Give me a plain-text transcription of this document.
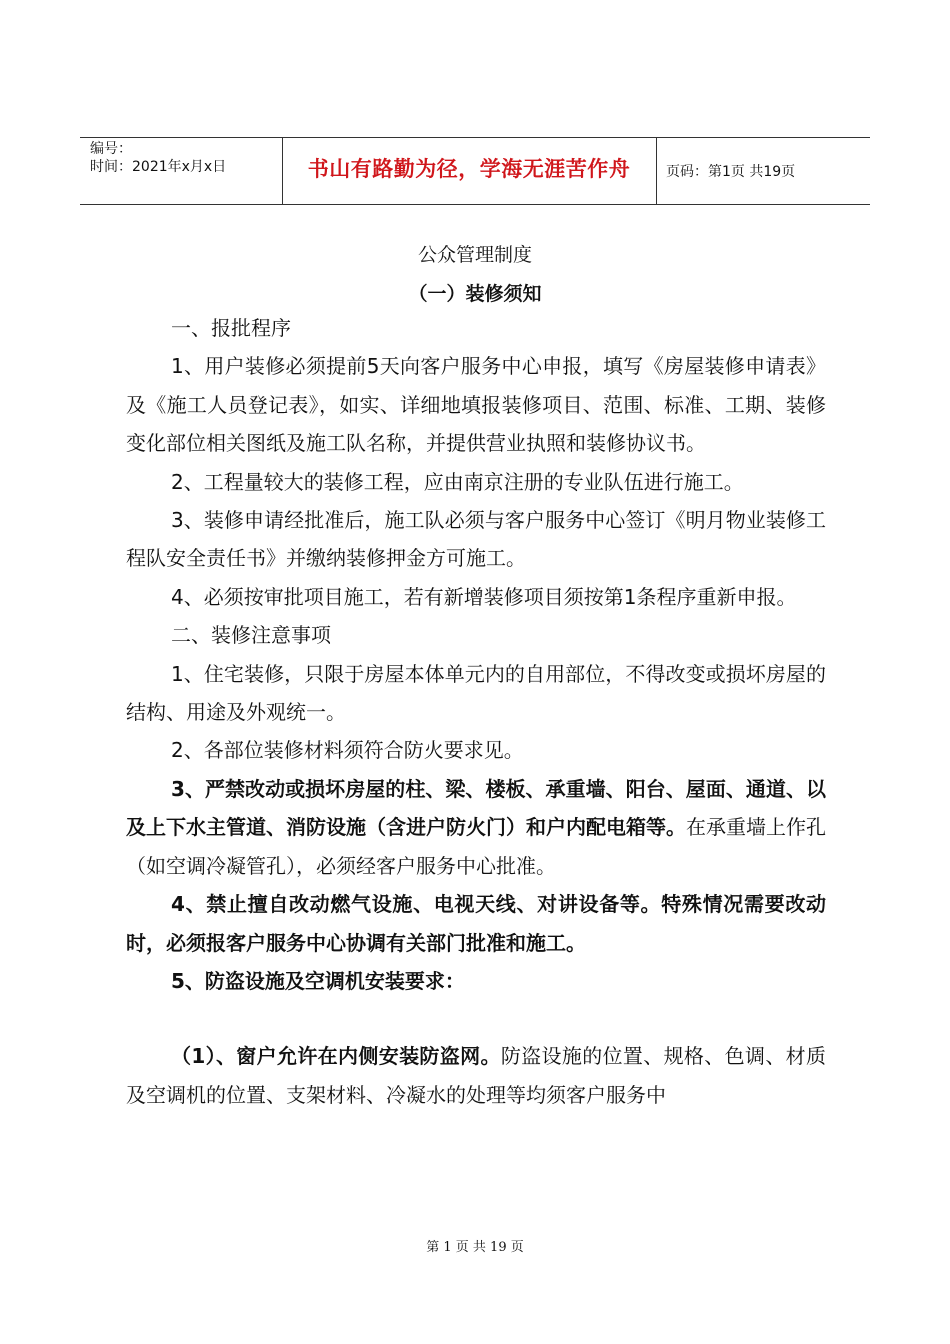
编号：
时间：2021年x月x日	书山有路勤为径，学海无涯苦作舟	页码：第1页 共19页
公众管理制度
（一）装修须知

一、报批程序

1、用户装修必须提前5天向客户服务中心申报，填写《房屋装修申请表》及《施工人员登记表》，如实、详细地填报装修项目、范围、标准、工期、装修变化部位相关图纸及施工队名称，并提供营业执照和装修协议书。

2、工程量较大的装修工程，应由南京注册的专业队伍进行施工。

3、装修申请经批准后，施工队必须与客户服务中心签订《明月物业装修工程队安全责任书》并缴纳装修押金方可施工。

4、必须按审批项目施工，若有新增装修项目须按第1条程序重新申报。

二、装修注意事项

1、住宅装修，只限于房屋本体单元内的自用部位，不得改变或损坏房屋的结构、用途及外观统一。

2、各部位装修材料须符合防火要求见。

3、严禁改动或损坏房屋的柱、梁、楼板、承重墙、阳台、屋面、通道、以及上下水主管道、消防设施（含进户防火门）和户内配电箱等。在承重墙上作孔（如空调冷凝管孔），必须经客户服务中心批准。

4、禁止擅自改动燃气设施、电视天线、对讲设备等。特殊情况需要改动时，必须报客户服务中心协调有关部门批准和施工。

5、防盗设施及空调机安装要求：

（1）、窗户允许在内侧安装防盗网。防盗设施的位置、规格、色调、材质及空调机的位置、支架材料、冷凝水的处理等均须客户服务中

第 1 页 共 19 页
